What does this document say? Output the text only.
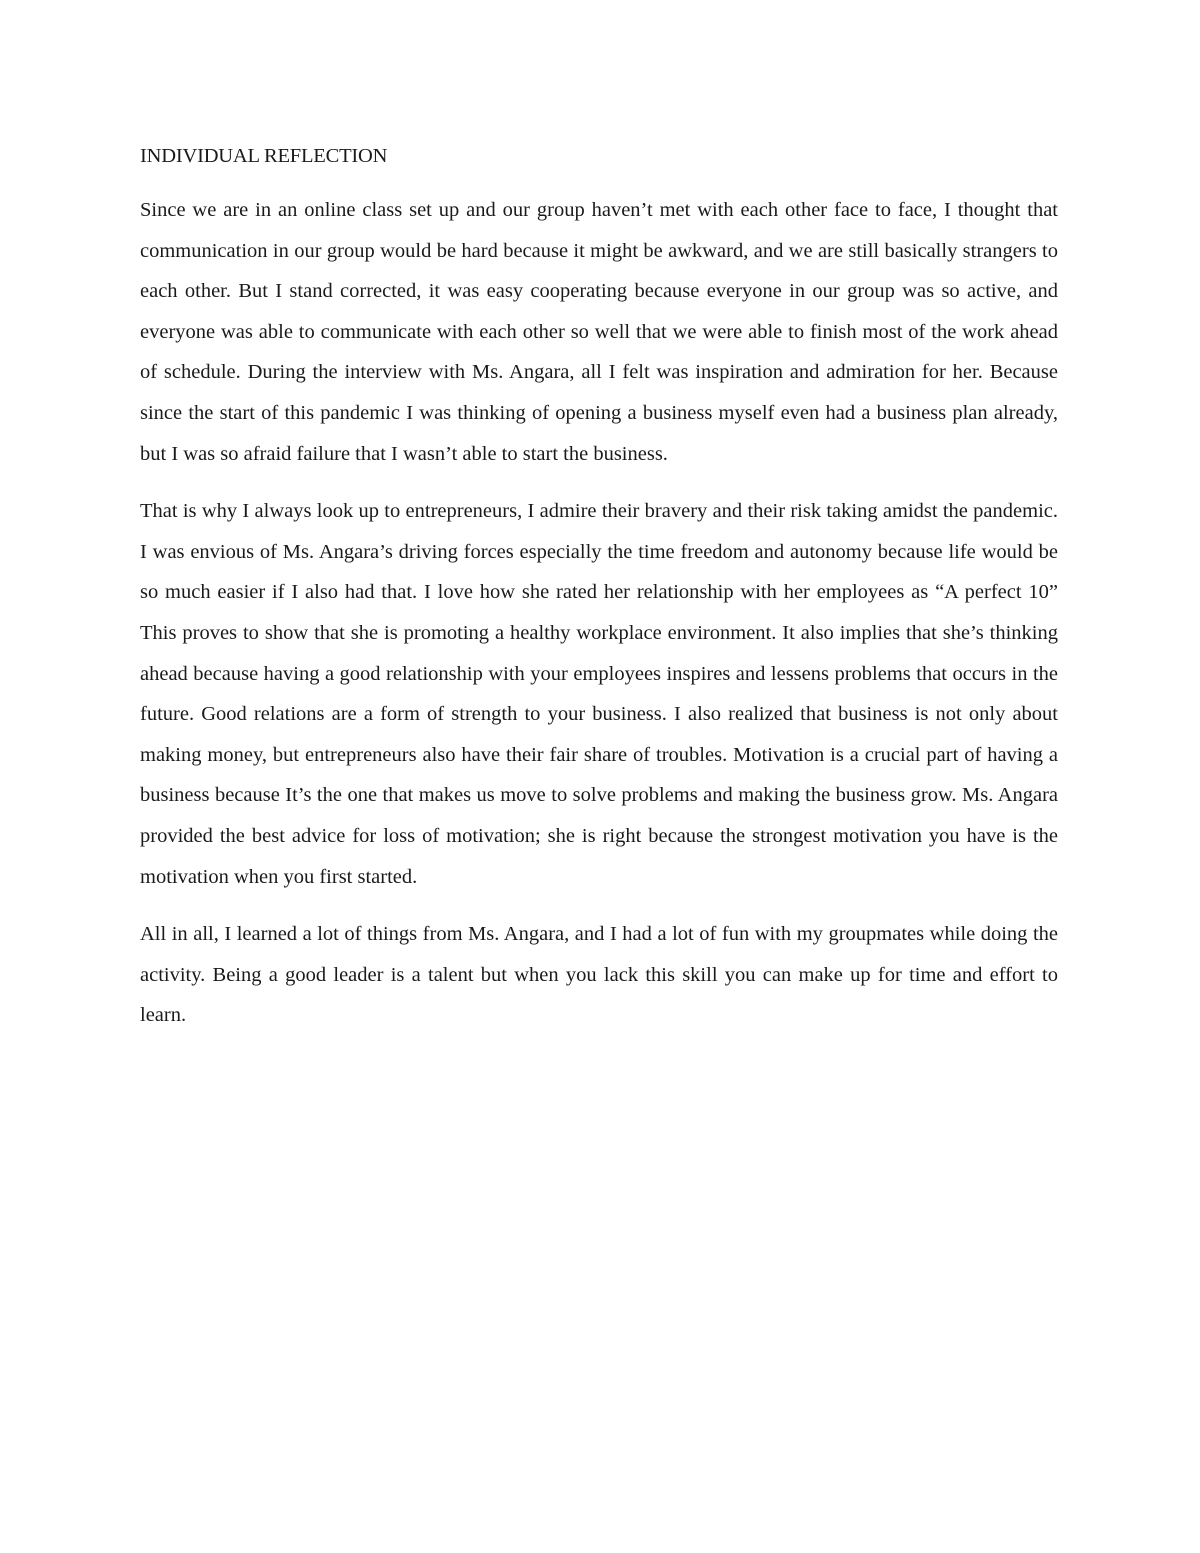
INDIVIDUAL REFLECTION

Since we are in an online class set up and our group haven’t met with each other face to face, I thought that communication in our group would be hard because it might be awkward, and we are still basically strangers to each other. But I stand corrected, it was easy cooperating because everyone in our group was so active, and everyone was able to communicate with each other so well that we were able to finish most of the work ahead of schedule. During the interview with Ms. Angara, all I felt was inspiration and admiration for her. Because since the start of this pandemic I was thinking of opening a business myself even had a business plan already, but I was so afraid failure that I wasn’t able to start the business.

That is why I always look up to entrepreneurs, I admire their bravery and their risk taking amidst the pandemic. I was envious of Ms. Angara’s driving forces especially the time freedom and autonomy because life would be so much easier if I also had that. I love how she rated her relationship with her employees as “A perfect 10” This proves to show that she is promoting a healthy workplace environment. It also implies that she’s thinking ahead because having a good relationship with your employees inspires and lessens problems that occurs in the future. Good relations are a form of strength to your business. I also realized that business is not only about making money, but entrepreneurs also have their fair share of troubles. Motivation is a crucial part of having a business because It’s the one that makes us move to solve problems and making the business grow. Ms. Angara provided the best advice for loss of motivation; she is right because the strongest motivation you have is the motivation when you first started.

All in all, I learned a lot of things from Ms. Angara, and I had a lot of fun with my groupmates while doing the activity. Being a good leader is a talent but when you lack this skill you can make up for time and effort to learn.
